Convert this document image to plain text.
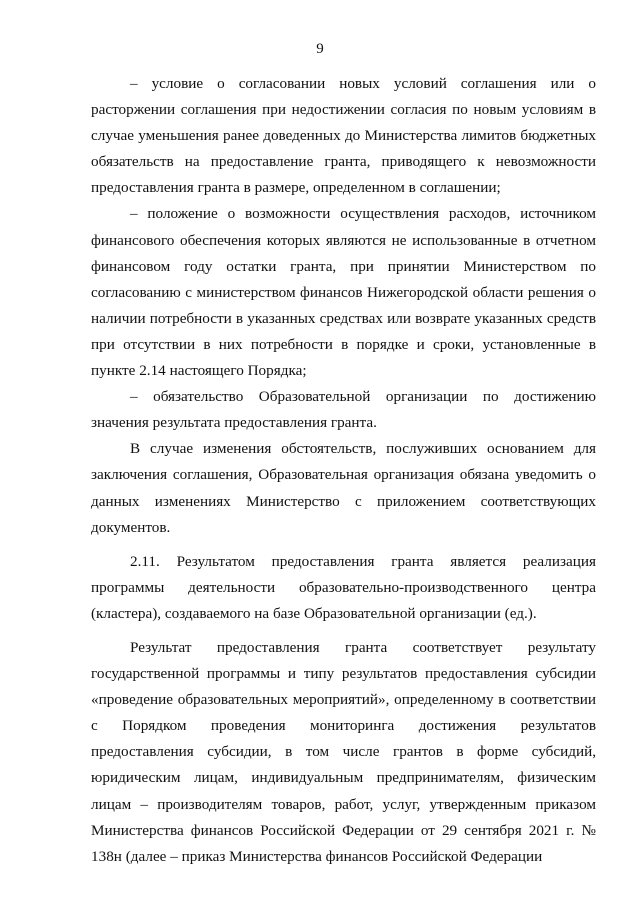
9

– условие о согласовании новых условий соглашения или о расторжении соглашения при недостижении согласия по новым условиям в случае уменьшения ранее доведенных до Министерства лимитов бюджетных обязательств на предоставление гранта, приводящего к невозможности предоставления гранта в размере, определенном в соглашении;

– положение о возможности осуществления расходов, источником финансового обеспечения которых являются не использованные в отчетном финансовом году остатки гранта, при принятии Министерством по согласованию с министерством финансов Нижегородской области решения о наличии потребности в указанных средствах или возврате указанных средств при отсутствии в них потребности в порядке и сроки, установленные в пункте 2.14 настоящего Порядка;

– обязательство Образовательной организации по достижению значения результата предоставления гранта.

В случае изменения обстоятельств, послуживших основанием для заключения соглашения, Образовательная организация обязана уведомить о данных изменениях Министерство с приложением соответствующих документов.

2.11. Результатом предоставления гранта является реализация программы деятельности образовательно-производственного центра (кластера), создаваемого на базе Образовательной организации (ед.).

Результат предоставления гранта соответствует результату государственной программы и типу результатов предоставления субсидии «проведение образовательных мероприятий», определенному в соответствии с Порядком проведения мониторинга достижения результатов предоставления субсидии, в том числе грантов в форме субсидий, юридическим лицам, индивидуальным предпринимателям, физическим лицам – производителям товаров, работ, услуг, утвержденным приказом Министерства финансов Российской Федерации от 29 сентября 2021 г. № 138н (далее – приказ Министерства финансов Российской Федерации
